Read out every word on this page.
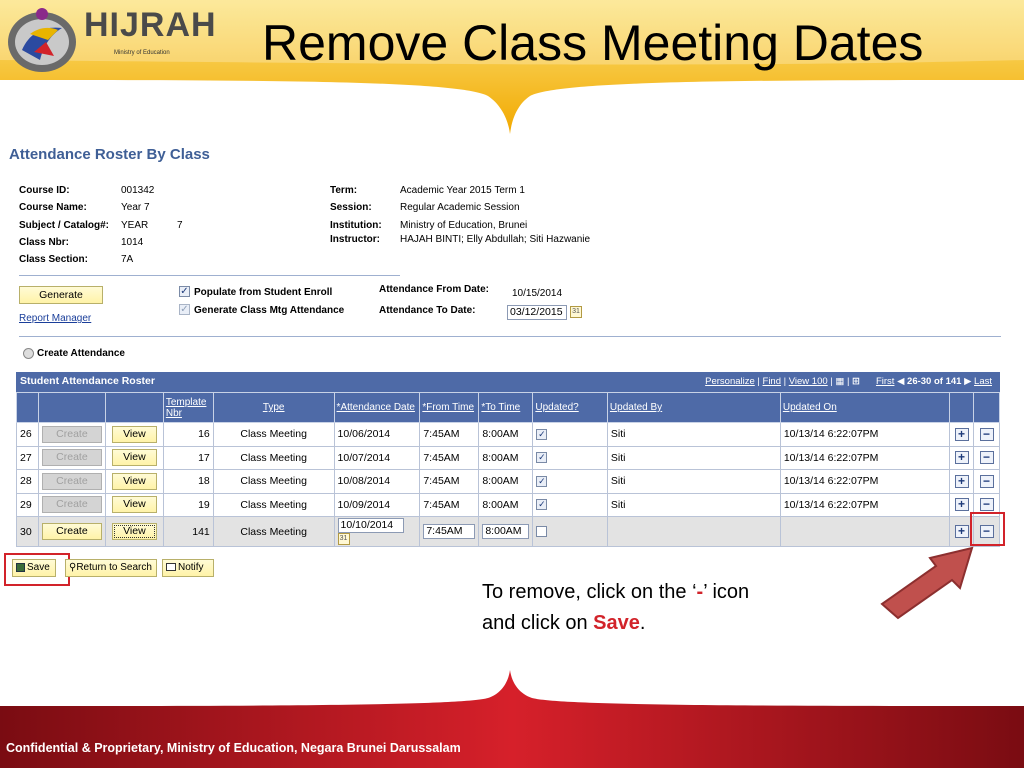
HIJRAH
Ministry of Education Remove Class Meeting Dates
Attendance Roster By Class
Course ID:	001342
Course Name:	Year 7
Subject / Catalog#: YEAR	7
Class Nbr:	1014
Class Section:	7A
Term:	Academic Year 2015 Term 1
Session:	Regular Academic Session
Institution: Ministry of Education, Brunei
Instructor: HAJAH BINTI; Elly Abdullah; Siti Hazwanie
Generate
Report Manager
✓ Populate from Student Enroll
✓ Generate Class Mtg Attendance
Attendance From Date: 10/15/2014
Attendance To Date:	03/12/2015	31
Create Attendance
Student Attendance Roster	Personalize | Find | View 100 | ▦ | ⊞ First ◀ 26-30 of 141 ▶ Last
			Template Nbr	Type	*Attendance Date	*From Time	*To Time	Updated?	Updated By	Updated On		
26	Create	View	16	Class Meeting	10/06/2014	7:45AM	8:00AM	✓	Siti	10/13/14 6:22:07PM	+	−
27	Create	View	17	Class Meeting	10/07/2014	7:45AM	8:00AM	✓	Siti	10/13/14 6:22:07PM	+	−
28	Create	View	18	Class Meeting	10/08/2014	7:45AM	8:00AM	✓	Siti	10/13/14 6:22:07PM	+	−
29	Create	View	19	Class Meeting	10/09/2014	7:45AM	8:00AM	✓	Siti	10/13/14 6:22:07PM	+	−
30	Create	View	141	Class Meeting	10/10/2014 31	7:45AM	8:00AM				+	−
Save	⚲Return to Search	Notify
To remove, click on the ‘-’ icon
and click on Save.
Confidential & Proprietary, Ministry of Education, Negara Brunei Darussalam
